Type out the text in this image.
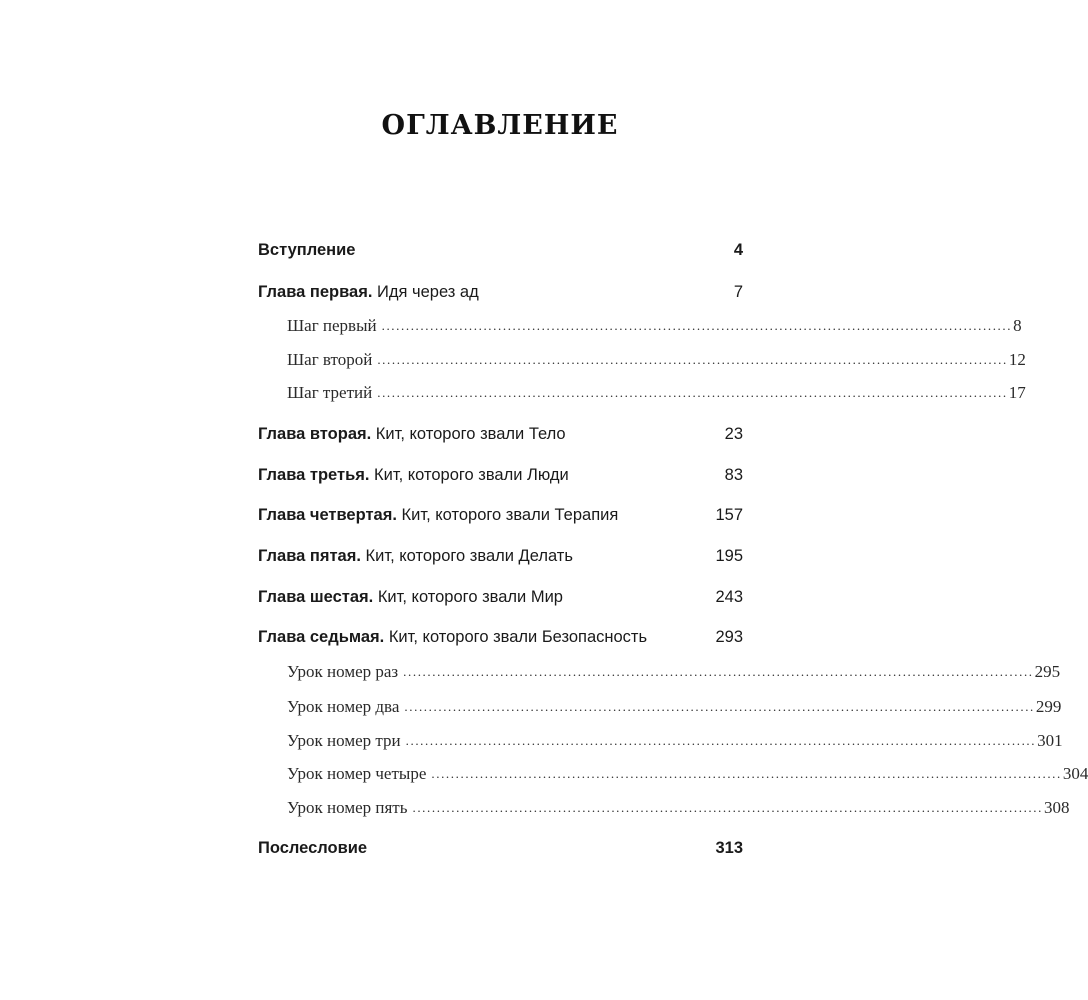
ОГЛАВЛЕНИЕ
Вступление	4
Глава первая. Идя через ад	7
Шаг первый .................................................................................................................................. 8
Шаг второй .................................................................................................................................. 12
Шаг третий .................................................................................................................................. 17
Глава вторая. Кит, которого звали Тело	23
Глава третья. Кит, которого звали Люди	83
Глава четвертая. Кит, которого звали Терапия	157
Глава пятая. Кит, которого звали Делать	195
Глава шестая. Кит, которого звали Мир	243
Глава седьмая. Кит, которого звали Безопасность	293
Урок номер раз .................................................................................................................................. 295
Урок номер два .................................................................................................................................. 299
Урок номер три .................................................................................................................................. 301
Урок номер четыре .................................................................................................................................. 304
Урок номер пять .................................................................................................................................. 308
Послесловие	313
